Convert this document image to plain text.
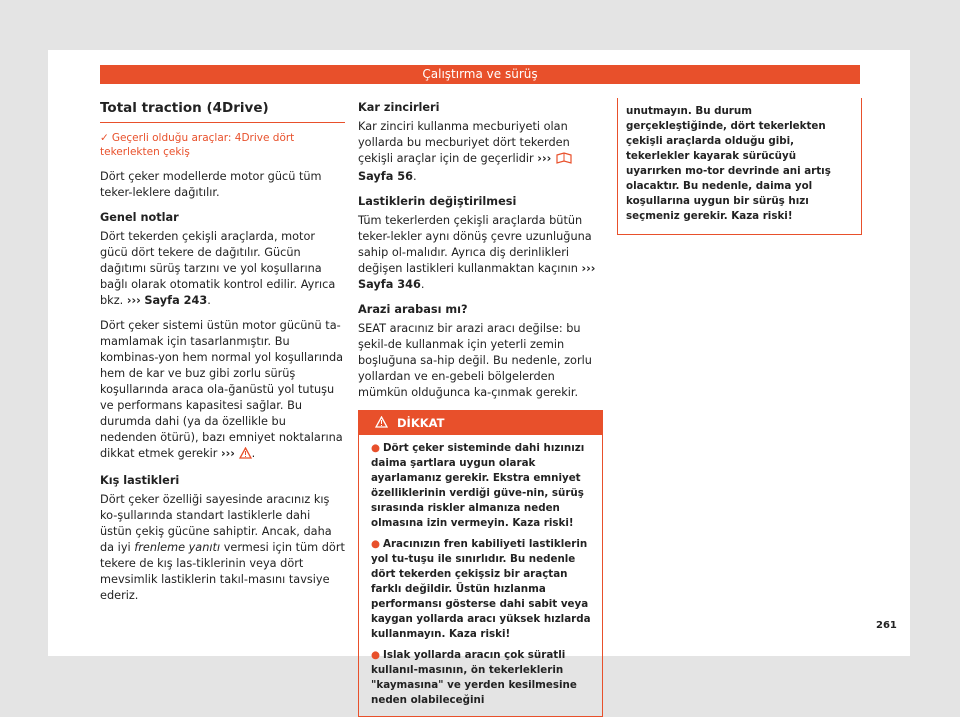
Çalıştırma ve sürüş
Total traction (4Drive)
✓ Geçerli olduğu araçlar: 4Drive dört tekerlekten çekiş

Dört çeker modellerde motor gücü tüm teker-leklere dağıtılır.

Genel notlar

Dört tekerden çekişli araçlarda, motor gücü dört tekere de dağıtılır. Gücün dağıtımı sürüş tarzını ve yol koşullarına bağlı olarak otomatik kontrol edilir. Ayrıca bkz. ››› Sayfa 243.

Dört çeker sistemi üstün motor gücünü ta-mamlamak için tasarlanmıştır. Bu kombinas-yon hem normal yol koşullarında hem de kar ve buz gibi zorlu sürüş koşullarında araca ola-ğanüstü yol tutuşu ve performans kapasitesi sağlar. Bu durumda dahi (ya da özellikle bu nedenden ötürü), bazı emniyet noktalarına dikkat etmek gerekir ››› .

Kış lastikleri

Dört çeker özelliği sayesinde aracınız kış ko-şullarında standart lastiklerle dahi üstün çekiş gücüne sahiptir. Ancak, daha da iyi frenleme yanıtı vermesi için tüm dört tekere de kış las-tiklerinin veya dört mevsimlik lastiklerin takıl-masını tavsiye ederiz.

Kar zincirleri

Kar zinciri kullanma mecburiyeti olan yollarda bu mecburiyet dört tekerden çekişli araçlar için de geçerlidir ›››  Sayfa 56.

Lastiklerin değiştirilmesi

Tüm tekerlerden çekişli araçlarda bütün teker-lekler aynı dönüş çevre uzunluğuna sahip ol-malıdır. Ayrıca diş derinlikleri değişen lastikleri kullanmaktan kaçının ››› Sayfa 346.

Arazi arabası mı?

SEAT aracınız bir arazi aracı değilse: bu şekil-de kullanmak için yeterli zemin boşluğuna sa-hip değil. Bu nedenle, zorlu yollardan ve en-gebeli bölgelerden mümkün olduğunca ka-çınmak gerekir.

DİKKAT
● Dört çeker sisteminde dahi hızınızı daima şartlara uygun olarak ayarlamanız gerekir. Ekstra emniyet özelliklerinin verdiği güve-nin, sürüş sırasında riskler almanıza neden olmasına izin vermeyin. Kaza riski!
● Aracınızın fren kabiliyeti lastiklerin yol tu-tuşu ile sınırlıdır. Bu nedenle dört tekerden çekişsiz bir araçtan farklı değildir. Üstün hızlanma performansı gösterse dahi sabit veya kaygan yollarda aracı yüksek hızlarda kullanmayın. Kaza riski!
● Islak yollarda aracın çok süratli kullanıl-masının, ön tekerleklerin "kaymasına" ve yerden kesilmesine neden olabileceğini
unutmayın. Bu durum gerçekleştiğinde, dört tekerlekten çekişli araçlarda olduğu gibi, tekerlekler kayarak sürücüyü uyarırken mo-tor devrinde ani artış olacaktır. Bu nedenle, daima yol koşullarına uygun bir sürüş hızı seçmeniz gerekir. Kaza riski!
261
